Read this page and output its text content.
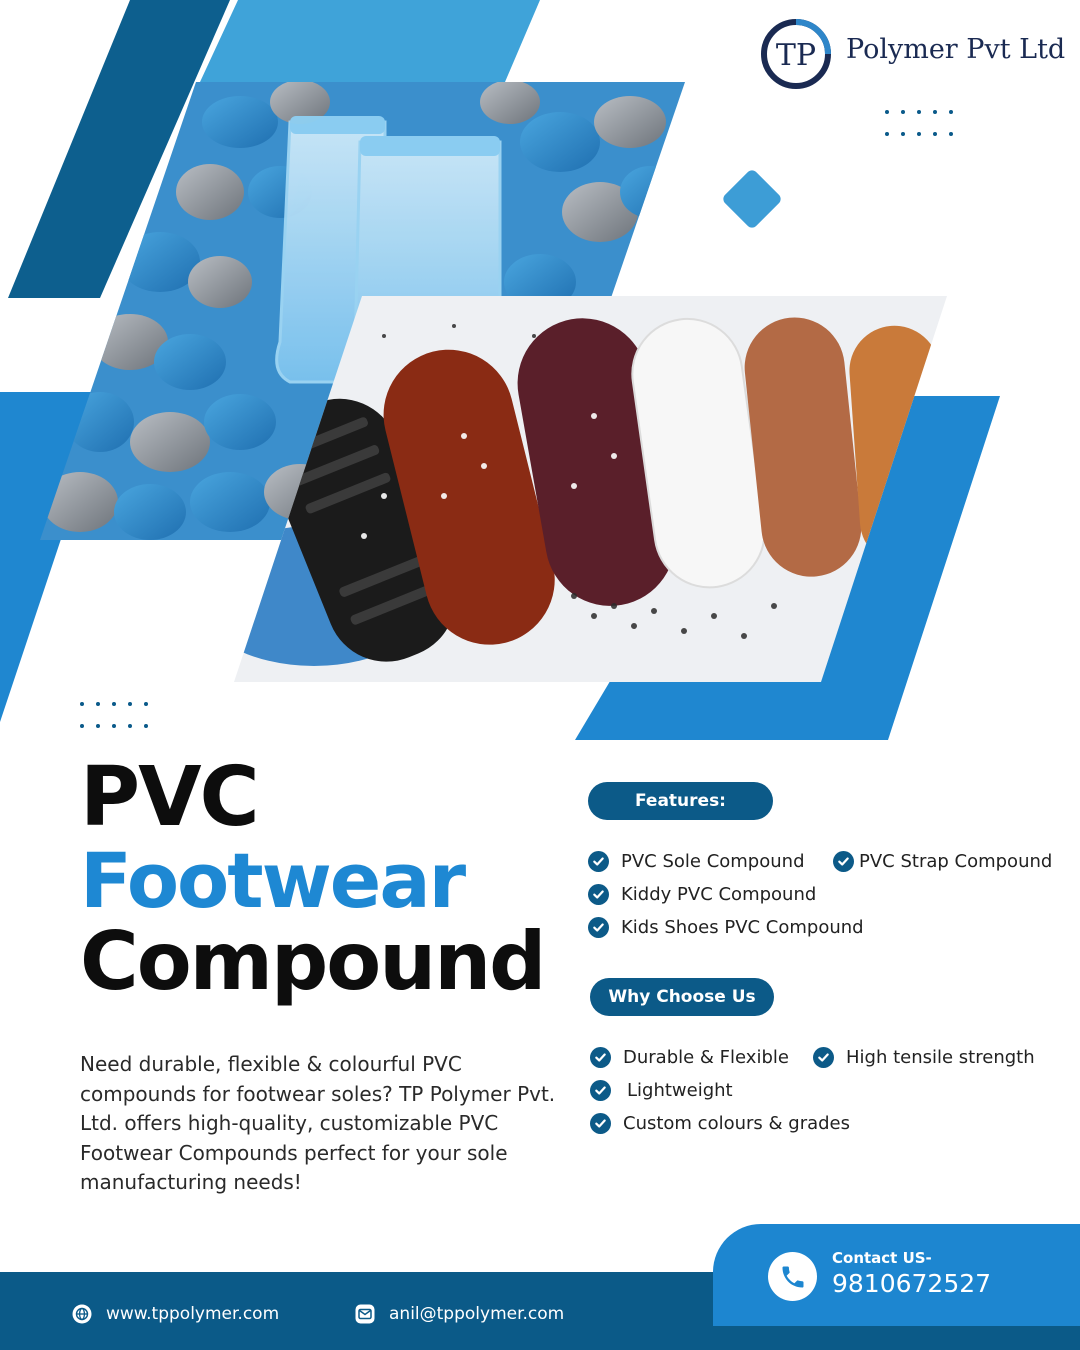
TP Polymer Pvt Ltd
PVC
Footwear
Compound
Need durable, flexible & colourful PVC compounds for footwear soles? TP Polymer Pvt. Ltd. offers high-quality, customizable PVC Footwear Compounds perfect for your sole manufacturing needs!
Features:
PVC Sole Compound	PVC Strap Compound
Kiddy PVC Compound
Kids Shoes PVC Compound
Why Choose Us
Durable & Flexible	High tensile strength
Lightweight
Custom colours & grades
Contact US-
9810672527
www.tppolymer.com	anil@tppolymer.com
